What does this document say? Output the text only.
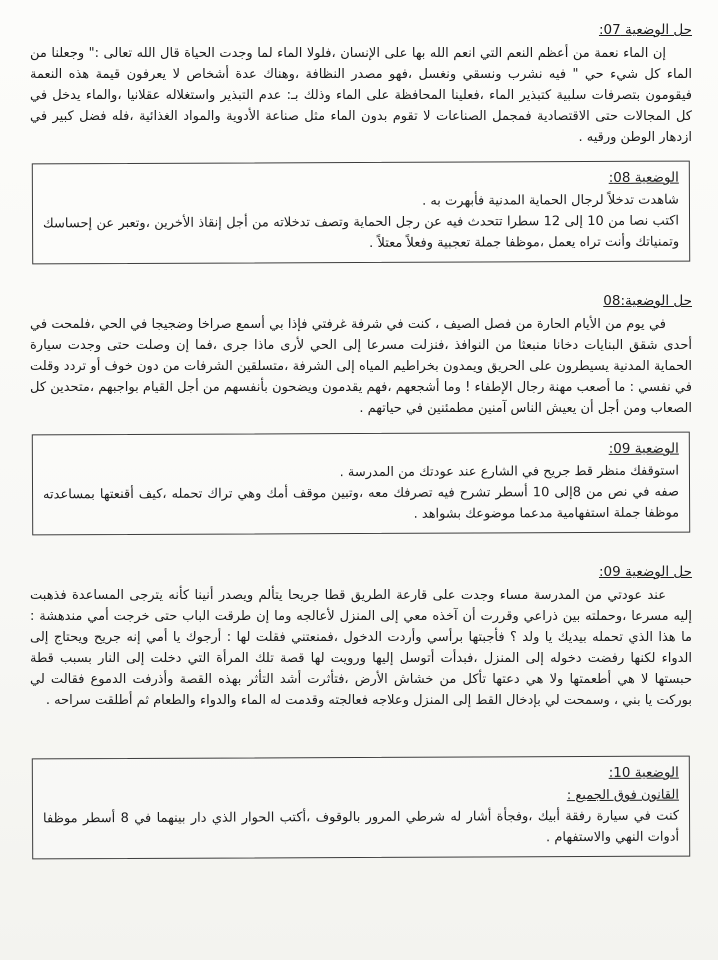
حل الوضعية 07:
إن الماء نعمة من أعظم النعم التي انعم الله بها على الإنسان ،فلولا الماء لما وجدت الحياة قال الله تعالى :" وجعلنا من الماء كل شيء حي " فيه نشرب ونسقي ونغسل ،فهو مصدر النظافة ،وهناك عدة أشخاص لا يعرفون قيمة هذه النعمة فيقومون بتصرفات سلبية كتبذير الماء ،فعلينا المحافظة على الماء وذلك بـ: عدم التبذير واستغلاله عقلانيا ،والماء يدخل في كل المجالات حتى الاقتصادية فمجمل الصناعات لا تقوم بدون الماء مثل صناعة الأدوية والمواد الغذائية ،فله فضل كبير في ازدهار الوطن ورقيه .
الوضعية 08:
شاهدت تدخلاً لرجال الحماية المدنية فأبهرت به .
اكتب نصا من 10 إلى 12 سطرا تتحدث فيه عن رجل الحماية وتصف تدخلاته من أجل إنقاذ الأخرين ،وتعبر عن إحساسك وتمنياتك وأنت تراه يعمل ،موظفا جملة تعجبية وفعلاً معتلاً .
حل الوضعية:08
في يوم من الأيام الحارة من فصل الصيف ، كنت في شرفة غرفتي فإذا بي أسمع صراخا وضجيجا في الحي ،فلمحت في أحدى شقق البنايات دخانا منبعثا من النوافذ ،فنزلت مسرعا إلى الحي لأرى ماذا جرى ،فما إن وصلت حتى وجدت سيارة الحماية المدنية يسيطرون على الحريق ويمدون بخراطيم المياه إلى الشرفة ،متسلقين الشرفات من دون خوف أو تردد وقلت في نفسي : ما أصعب مهنة رجال الإطفاء ! وما أشجعهم ،فهم يقدمون ويضحون بأنفسهم من أجل القيام بواجبهم ،متحدين كل الصعاب ومن أجل أن يعيش الناس آمنين مطمئنين في حياتهم .
الوضعية 09:
استوقفك منظر قط جريح في الشارع عند عودتك من المدرسة .
صفه في نص من 8إلى 10 أسطر تشرح فيه تصرفك معه ،وتبين موقف أمك وهي تراك تحمله ،كيف أقنعتها بمساعدته موظفا جملة استفهامية مدعما موضوعك بشواهد .
حل الوضعية 09:
عند عودتي من المدرسة مساء وجدت على قارعة الطريق قطا جريحا يتألم ويصدر أنينا كأنه يترجى المساعدة فذهبت إليه مسرعا ،وحملته بين ذراعي وقررت أن آخذه معي إلى المنزل لأعالجه وما إن طرقت الباب حتى خرجت أمي مندهشة : ما هذا الذي تحمله بيديك يا ولد ؟ فأجبتها برأسي وأردت الدخول ،فمنعتني فقلت لها : أرجوك يا أمي إنه جريح ويحتاج إلى الدواء لكنها رفضت دخوله إلى المنزل ،فبدأت أتوسل إليها ورويت لها قصة تلك المرأة التي دخلت إلى النار بسبب قطة حبستها لا هي أطعمتها ولا هي دعتها تأكل من خشاش الأرض ،فتأثرت أشد التأثر بهذه القصة وأذرفت الدموع فقالت لي بوركت يا بني ، وسمحت لي بإدخال القط إلى المنزل وعلاجه فعالجته وقدمت له الماء والدواء والطعام ثم أطلقت سراحه .
الوضعية 10:
القانون فوق الجميع :
كنت في سيارة رفقة أبيك ،وفجأة أشار له شرطي المرور بالوقوف ،أكتب الحوار الذي دار بينهما في 8 أسطر موظفا أدوات النهي والاستفهام .
